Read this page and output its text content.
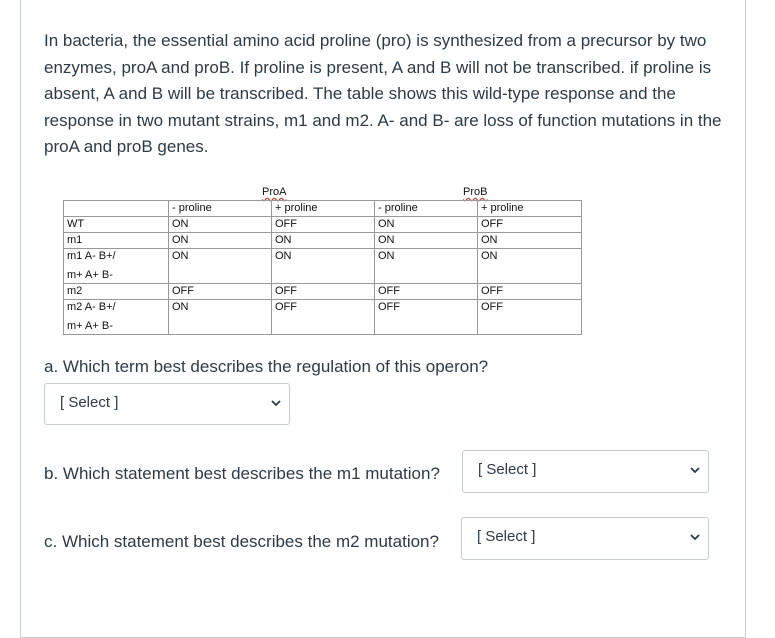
In bacteria, the essential amino acid proline (pro) is synthesized from a precursor by two enzymes, proA and proB. If proline is present, A and B will not be transcribed. if proline is absent, A and B will be transcribed. The table shows this wild-type response and the response in two mutant strains, m1 and m2. A- and B- are loss of function mutations in the proA and proB genes.

ProA	ProB
	- proline	+ proline	- proline	+ proline
WT	ON	OFF	ON	OFF
m1	ON	ON	ON	ON

m1 A- B+/
m+ A+ B-	ON	ON	ON	ON
m2	OFF	OFF	OFF	OFF

m2 A- B+/
m+ A+ B-	ON	OFF	OFF	OFF

a. Which term best describes the regulation of this operon?

[ Select ]

b. Which statement best describes the m1 mutation?	[ Select ]

c. Which statement best describes the m2 mutation?	[ Select ]
